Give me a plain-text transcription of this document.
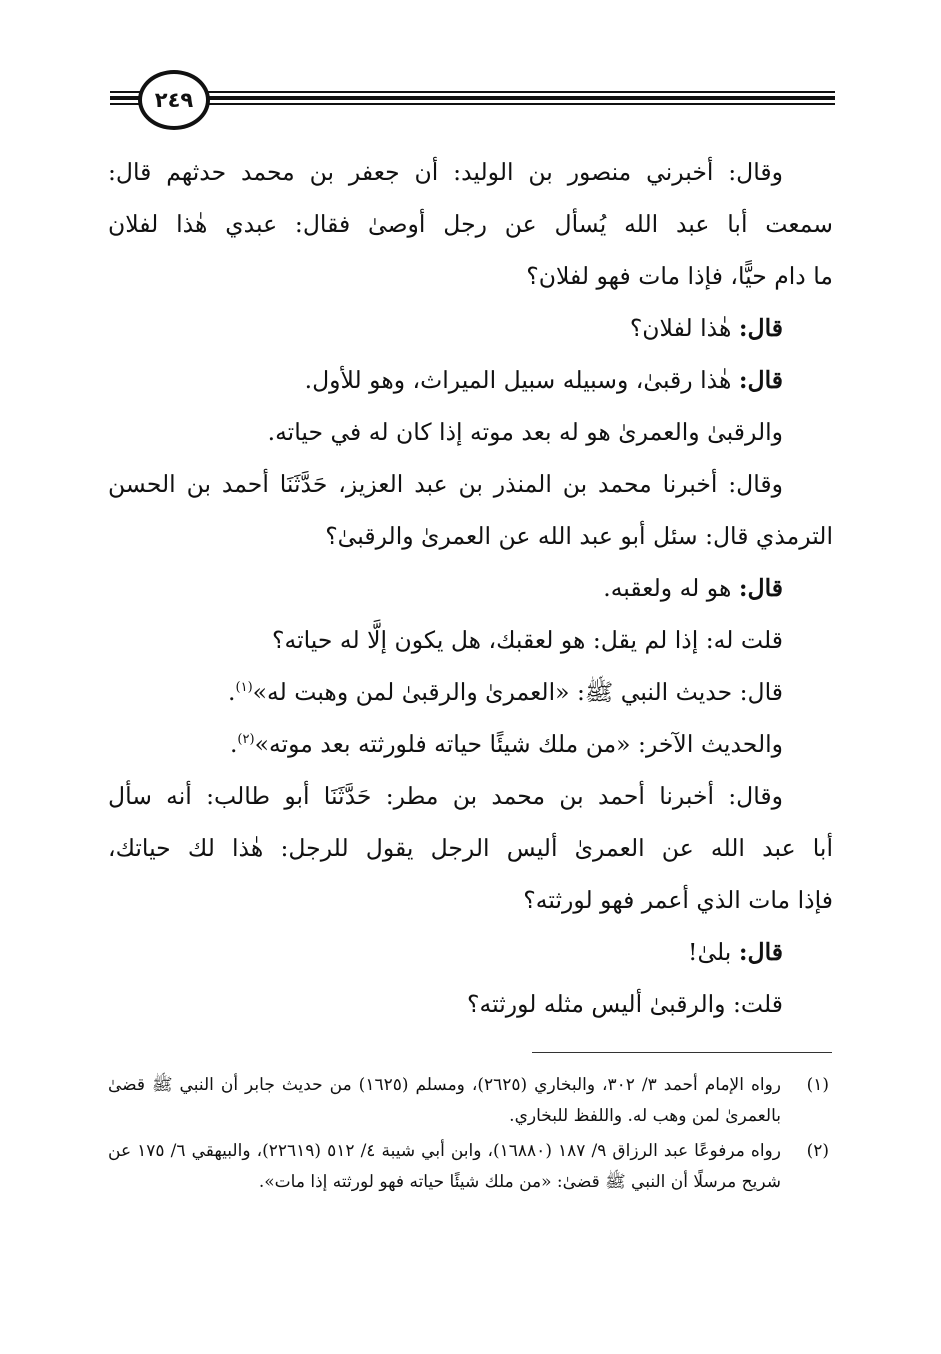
٢٤٩
وقال: أخبرني منصور بن الوليد: أن جعفر بن محمد حدثهم قال:
سمعت أبا عبد الله يُسأل عن رجل أوصىٰ فقال: عبدي هٰذا لفلان
ما دام حيًّا، فإذا مات فهو لفلان؟
قال: هٰذا لفلان؟
قال: هٰذا رقبىٰ، وسبيله سبيل الميراث، وهو للأول.
والرقبىٰ والعمرىٰ هو له بعد موته إذا كان له في حياته.
وقال: أخبرنا محمد بن المنذر بن عبد العزيز، حَدَّثَنَا أحمد بن الحسن
الترمذي قال: سئل أبو عبد الله عن العمرىٰ والرقبىٰ؟
قال: هو له ولعقبه.
قلت له: إذا لم يقل: هو لعقبك، هل يكون إلَّا له حياته؟
قال: حديث النبي ﷺ: «العمرىٰ والرقبىٰ لمن وهبت له»$^{(١)}$.
والحديث الآخر: «من ملك شيئًا حياته فلورثته بعد موته»$^{(٢)}$.
وقال: أخبرنا أحمد بن محمد بن مطر: حَدَّثَنَا أبو طالب: أنه سأل
أبا عبد الله عن العمرىٰ أليس الرجل يقول للرجل: هٰذا لك حياتك،
فإذا مات الذي أعمر فهو لورثته؟
قال: بلىٰ!
قلت: والرقبىٰ أليس مثله لورثته؟
(١)
رواه الإمام أحمد ٣/ ٣٠٢، والبخاري (٢٦٢٥)، ومسلم (١٦٢٥) من حديث جابر أن النبي ﷺ قضىٰ بالعمرىٰ لمن وهب له. واللفظ للبخاري.
(٢)
رواه مرفوعًا عبد الرزاق ٩/ ١٨٧ (١٦٨٨٠)، وابن أبي شيبة ٤/ ٥١٢ (٢٢٦١٩)، والبيهقي ٦/ ١٧٥ عن شريح مرسلًا أن النبي ﷺ قضىٰ: «من ملك شيئًا حياته فهو لورثته إذا مات».
